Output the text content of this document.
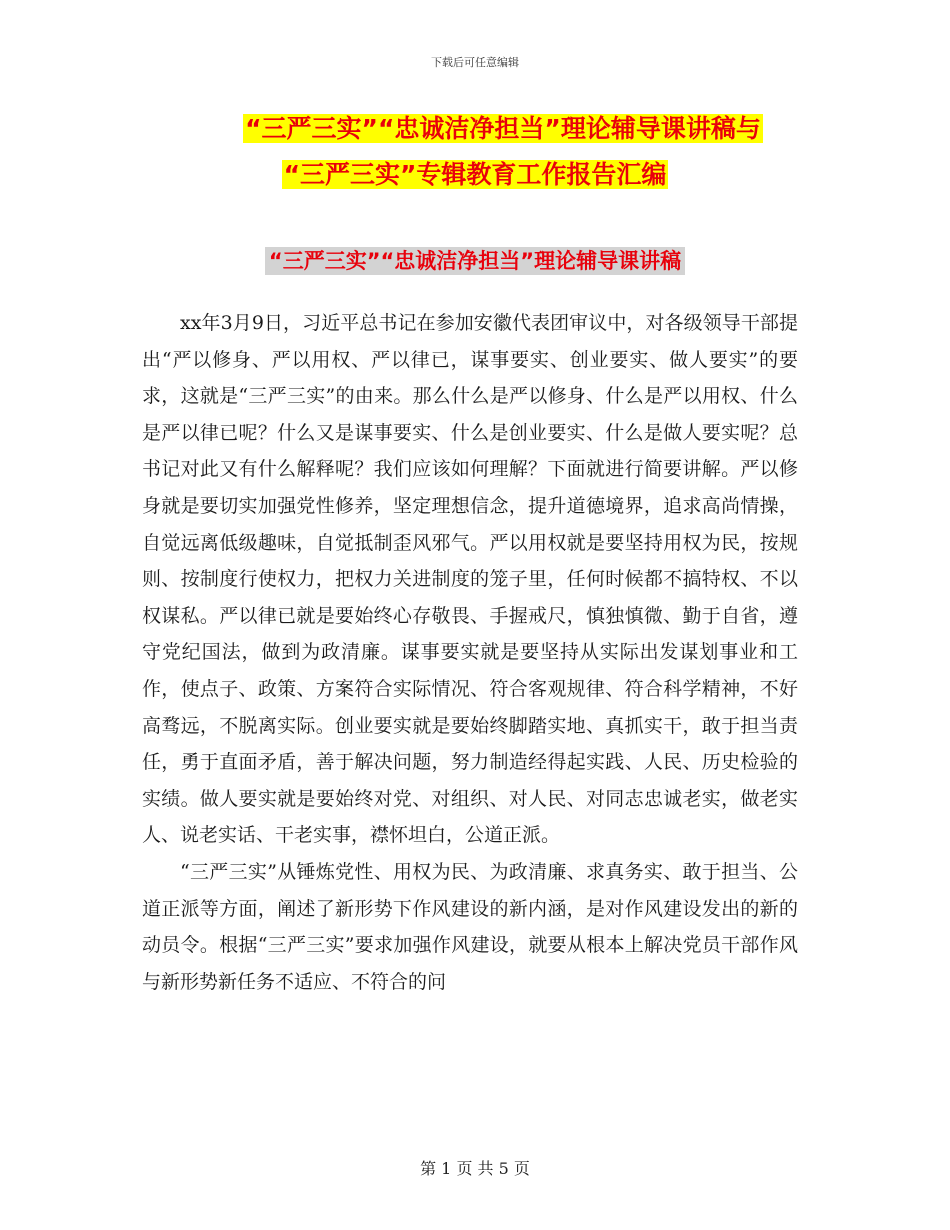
下载后可任意编辑
“三严三实”“忠诚洁净担当”理论辅导课讲稿与
“三严三实”专辑教育工作报告汇编
“三严三实”“忠诚洁净担当”理论辅导课讲稿

xx年3月9日，习近平总书记在参加安徽代表团审议中，对各级领导干部提出“严以修身、严以用权、严以律已，谋事要实、创业要实、做人要实”的要求，这就是“三严三实”的由来。那么什么是严以修身、什么是严以用权、什么是严以律已呢？什么又是谋事要实、什么是创业要实、什么是做人要实呢？总书记对此又有什么解释呢？我们应该如何理解？下面就进行简要讲解。严以修身就是要切实加强党性修养，坚定理想信念，提升道德境界，追求高尚情操，自觉远离低级趣味，自觉抵制歪风邪气。严以用权就是要坚持用权为民，按规则、按制度行使权力，把权力关进制度的笼子里，任何时候都不搞特权、不以权谋私。严以律已就是要始终心存敬畏、手握戒尺，慎独慎微、勤于自省，遵守党纪国法，做到为政清廉。谋事要实就是要坚持从实际出发谋划事业和工作，使点子、政策、方案符合实际情况、符合客观规律、符合科学精神，不好高骛远，不脱离实际。创业要实就是要始终脚踏实地、真抓实干，敢于担当责任，勇于直面矛盾，善于解决问题，努力制造经得起实践、人民、历史检验的实绩。做人要实就是要始终对党、对组织、对人民、对同志忠诚老实，做老实人、说老实话、干老实事，襟怀坦白，公道正派。

“三严三实”从锤炼党性、用权为民、为政清廉、求真务实、敢于担当、公道正派等方面，阐述了新形势下作风建设的新内涵，是对作风建设发出的新的动员令。根据“三严三实”要求加强作风建设，就要从根本上解决党员干部作风与新形势新任务不适应、不符合的问

第 1 页 共 5 页
